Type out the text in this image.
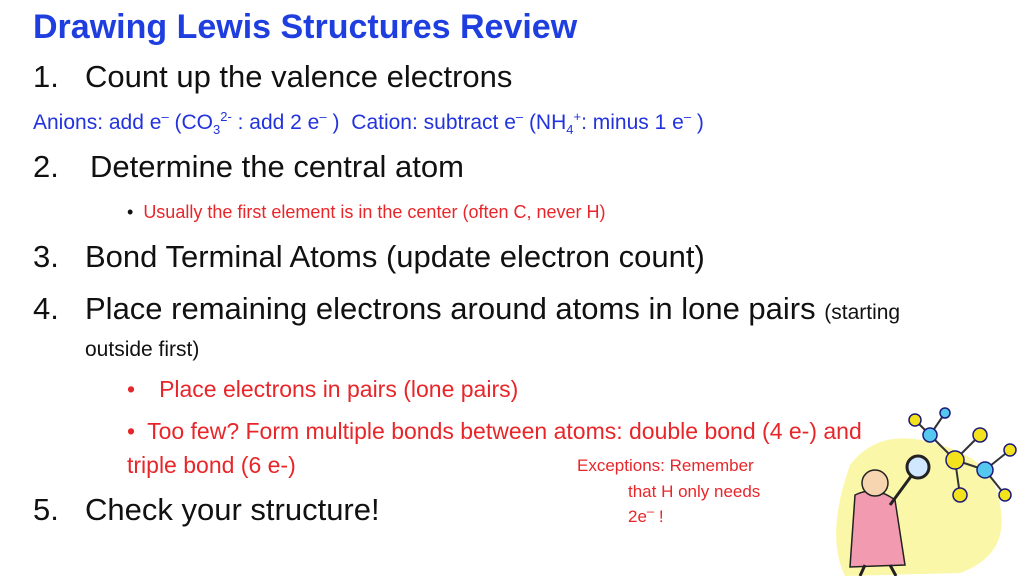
Drawing Lewis Structures Review
1. Count up the valence electrons
Anions: add e– ($CO_3^{2-}$ : add 2 e– ) Cation: subtract e– ($NH_4^+$: minus 1 e– )
2. Determine the central atom
• Usually the first element is in the center (often C, never H)
3. Bond Terminal Atoms (update electron count)
4. Place remaining electrons around atoms in lone pairs (starting
outside first)
• Place electrons in pairs (lone pairs)
• Too few? Form multiple bonds between atoms: double bond (4 e-) and
triple bond (6 e-)
5. Check your structure!
Exceptions: Remember
that H only needs
2e– !
